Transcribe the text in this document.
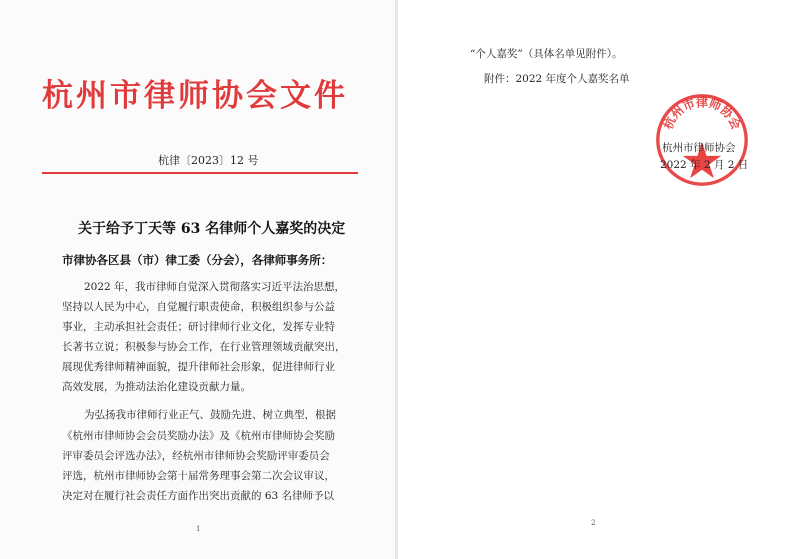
杭州市律师协会文件
杭律〔2023〕12 号
关于给予丁天等 63 名律师个人嘉奖的决定
市律协各区县（市）律工委（分会），各律师事务所：
2022 年，我市律师自觉深入贯彻落实习近平法治思想，
坚持以人民为中心，自觉履行职责使命，积极组织参与公益
事业，主动承担社会责任；研讨律师行业文化，发挥专业特
长著书立说；积极参与协会工作，在行业管理领域贡献突出，
展现优秀律师精神面貌，提升律师社会形象，促进律师行业
高效发展，为推动法治化建设贡献力量。
为弘扬我市律师行业正气、鼓励先进、树立典型，根据
《杭州市律师协会会员奖励办法》及《杭州市律师协会奖励
评审委员会评选办法》，经杭州市律师协会奖励评审委员会
评选，杭州市律师协会第十届常务理事会第二次会议审议，
决定对在履行社会责任方面作出突出贡献的 63 名律师予以
1
“个人嘉奖”（具体名单见附件）。
附件：2022 年度个人嘉奖名单
杭州市律师协会
杭州市律师协会
2022 年 2 月 2 日
2
